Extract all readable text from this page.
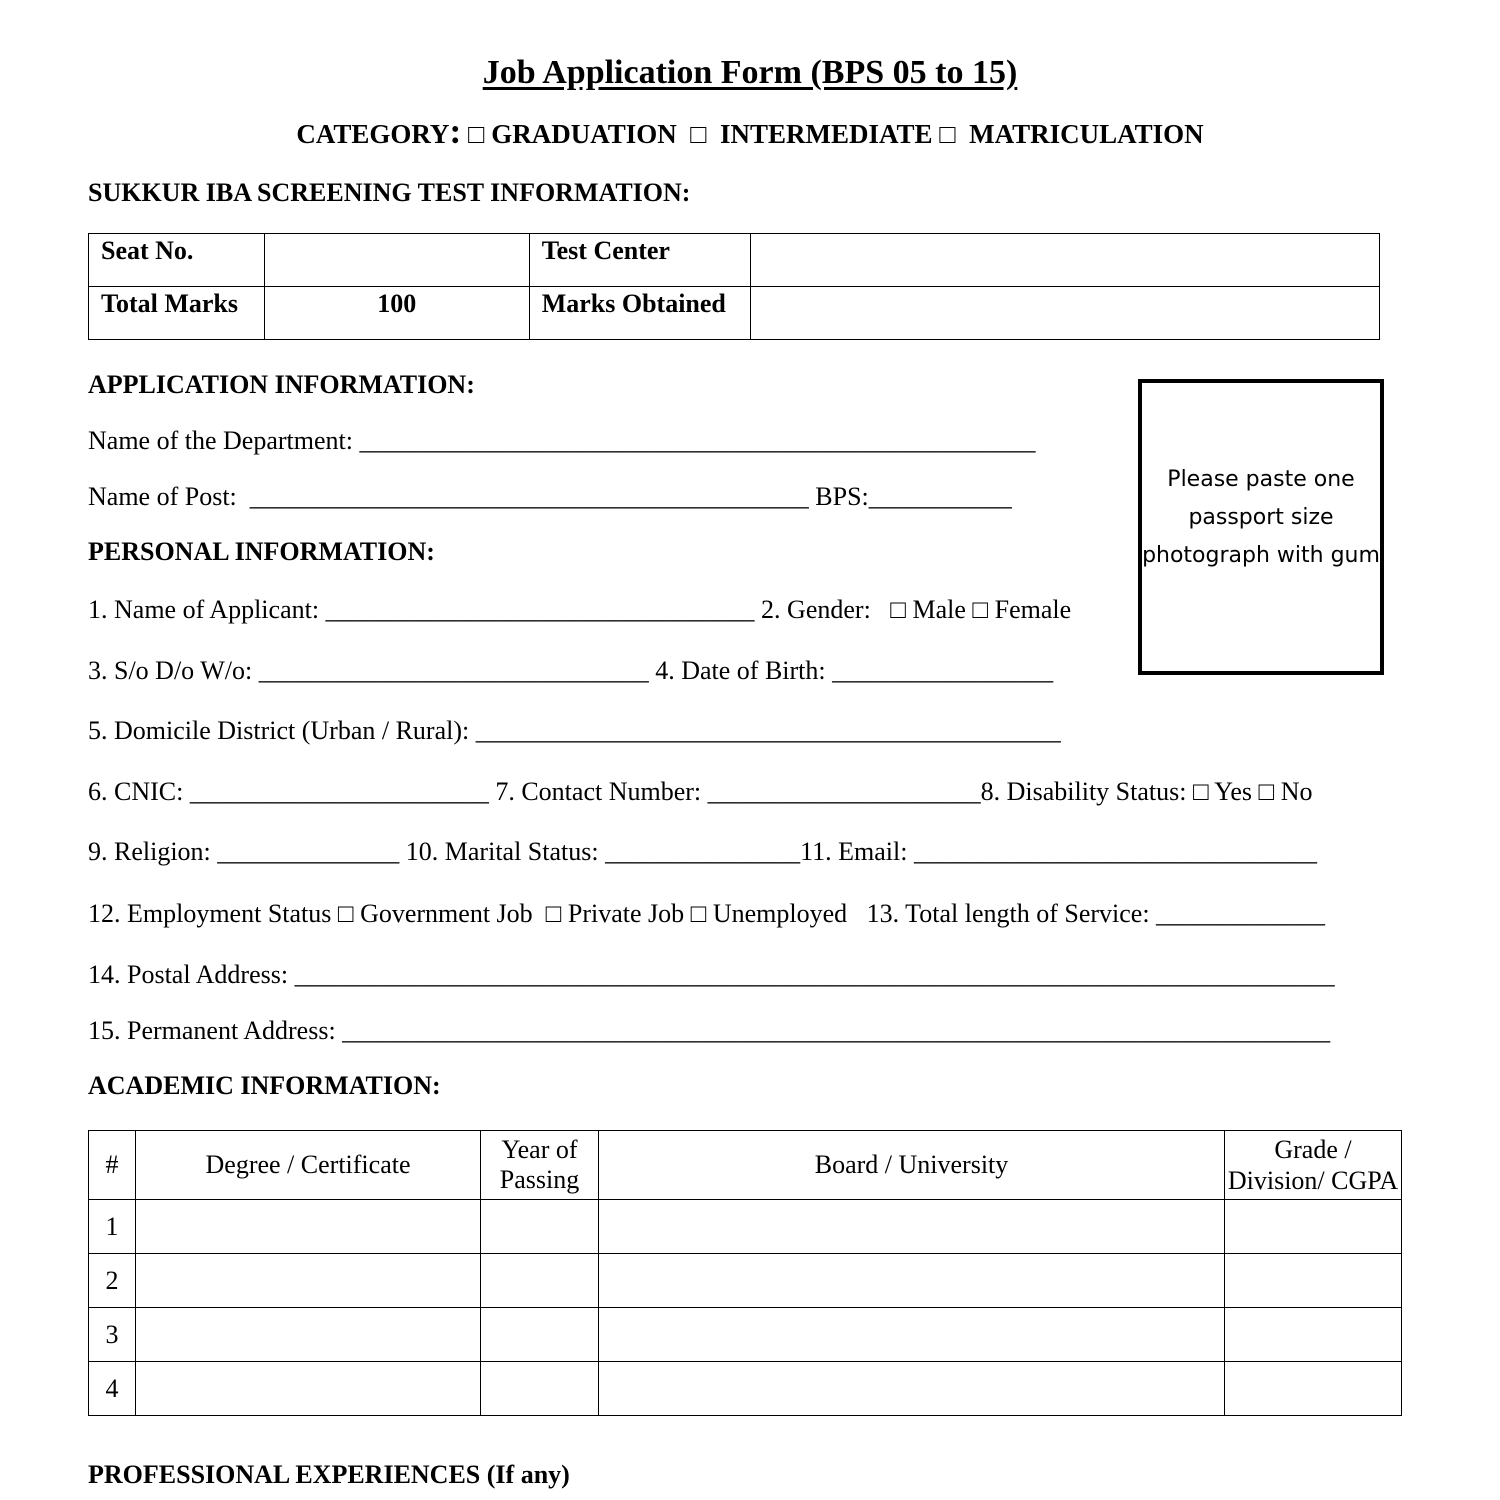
Job Application Form (BPS 05 to 15)
CATEGORY: □ GRADUATION □ INTERMEDIATE □ MATRICULATION
SUKKUR IBA SCREENING TEST INFORMATION:
Seat No.		Test Center	
Total Marks	100	Marks Obtained	
APPLICATION INFORMATION:
Name of the Department: ____________________________________________________
Name of Post:  ___________________________________________ BPS:___________
Please paste one passport size photograph with gum
PERSONAL INFORMATION:
1. Name of Applicant: _________________________________ 2. Gender:   □ Male □ Female
3. S/o D/o W/o: ______________________________ 4. Date of Birth: _________________
5. Domicile District (Urban / Rural): _____________________________________________
6. CNIC: _______________________ 7. Contact Number: _____________________8. Disability Status: □ Yes □ No
9. Religion: ______________ 10. Marital Status: _______________11. Email: _______________________________
12. Employment Status □ Government Job  □ Private Job □ Unemployed   13. Total length of Service: _____________
14. Postal Address: ________________________________________________________________________________
15. Permanent Address: ____________________________________________________________________________
ACADEMIC INFORMATION:
#	Degree / Certificate	Year of Passing	Board / University	Grade / Division/ CGPA

1				
2				
3				
4				
PROFESSIONAL EXPERIENCES (If any)
